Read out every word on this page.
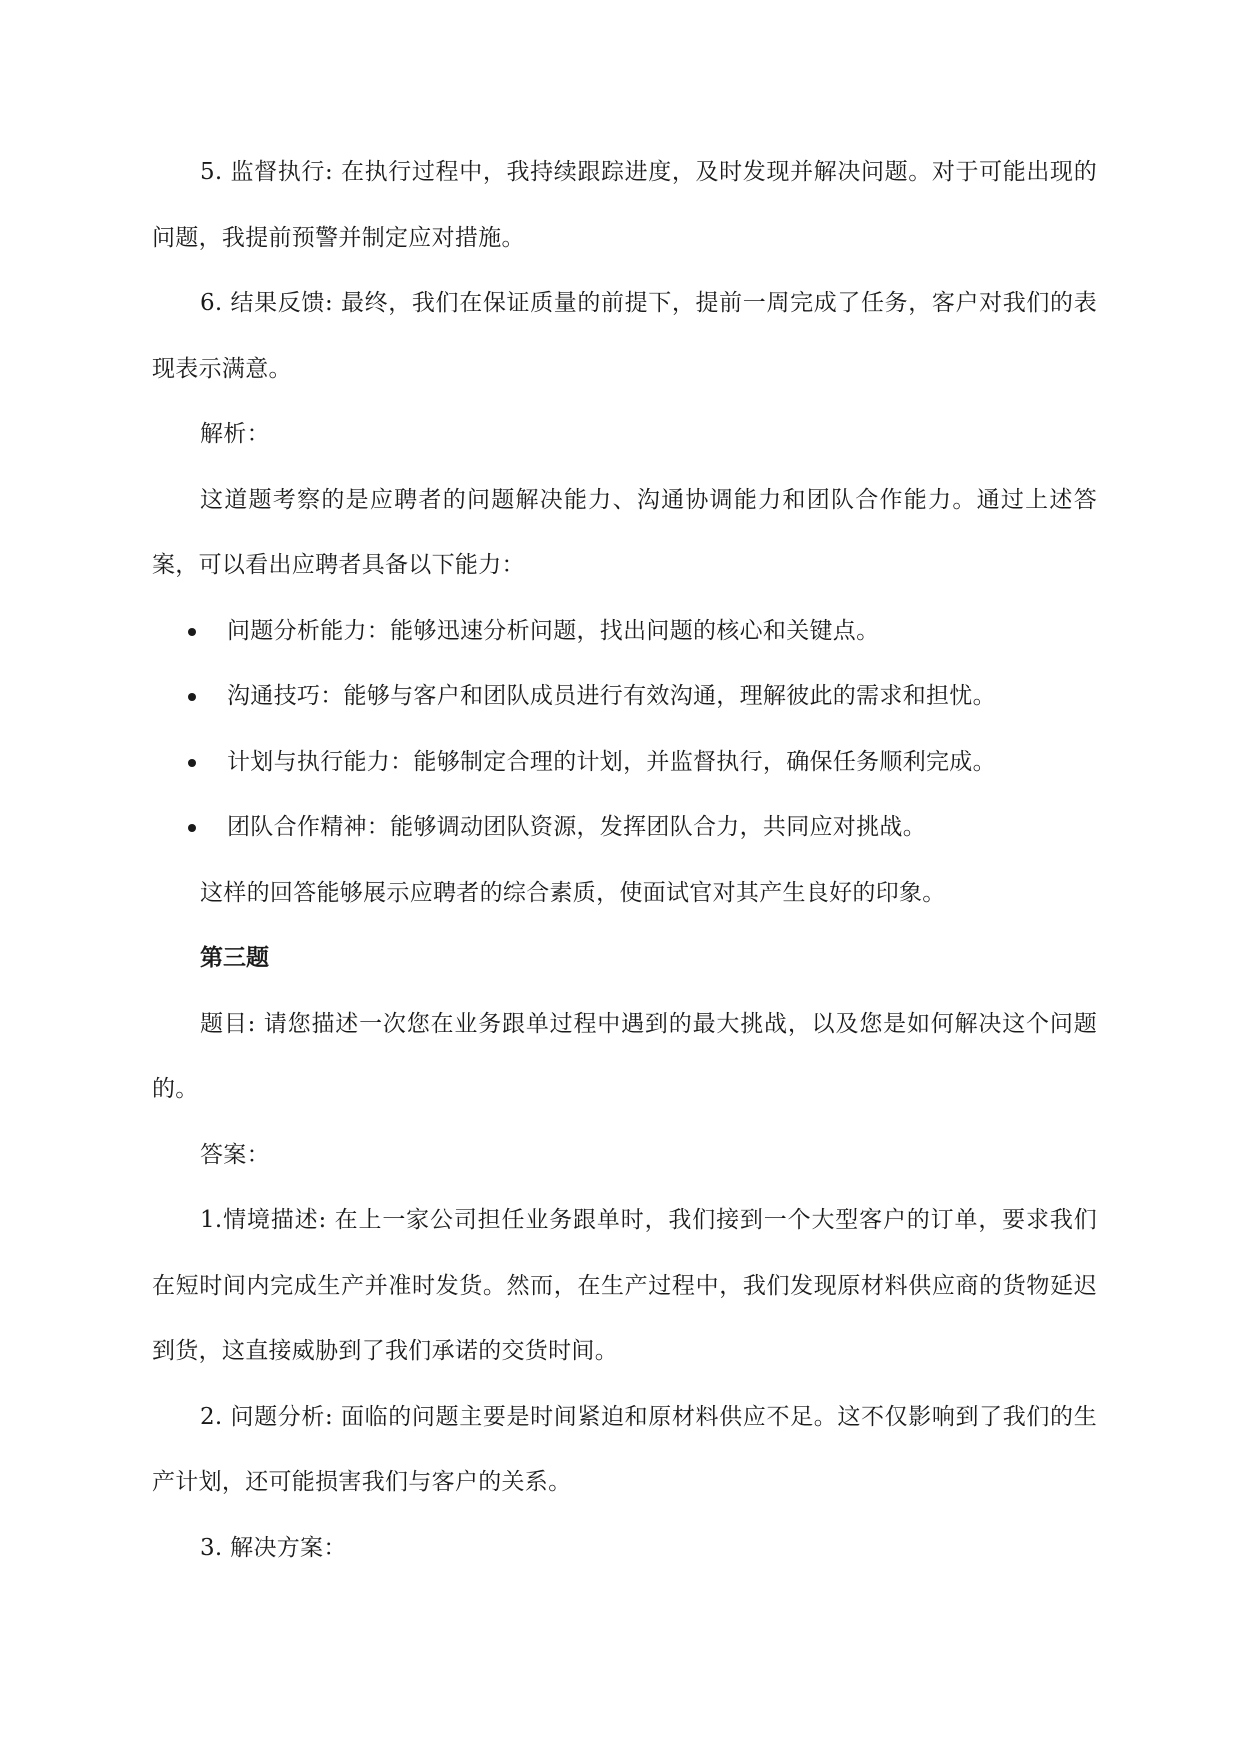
5. 监督执行: 在执行过程中，我持续跟踪进度，及时发现并解决问题。对于可能出现的问题，我提前预警并制定应对措施。

6. 结果反馈: 最终，我们在保证质量的前提下，提前一周完成了任务，客户对我们的表现表示满意。

解析：

这道题考察的是应聘者的问题解决能力、沟通协调能力和团队合作能力。通过上述答案，可以看出应聘者具备以下能力：

问题分析能力：能够迅速分析问题，找出问题的核心和关键点。
沟通技巧：能够与客户和团队成员进行有效沟通，理解彼此的需求和担忧。
计划与执行能力：能够制定合理的计划，并监督执行，确保任务顺利完成。
团队合作精神：能够调动团队资源，发挥团队合力，共同应对挑战。

这样的回答能够展示应聘者的综合素质，使面试官对其产生良好的印象。

第三题

题目: 请您描述一次您在业务跟单过程中遇到的最大挑战，以及您是如何解决这个问题的。

答案：

1.情境描述: 在上一家公司担任业务跟单时，我们接到一个大型客户的订单，要求我们在短时间内完成生产并准时发货。然而，在生产过程中，我们发现原材料供应商的货物延迟到货，这直接威胁到了我们承诺的交货时间。

2. 问题分析: 面临的问题主要是时间紧迫和原材料供应不足。这不仅影响到了我们的生产计划，还可能损害我们与客户的关系。

3. 解决方案：
